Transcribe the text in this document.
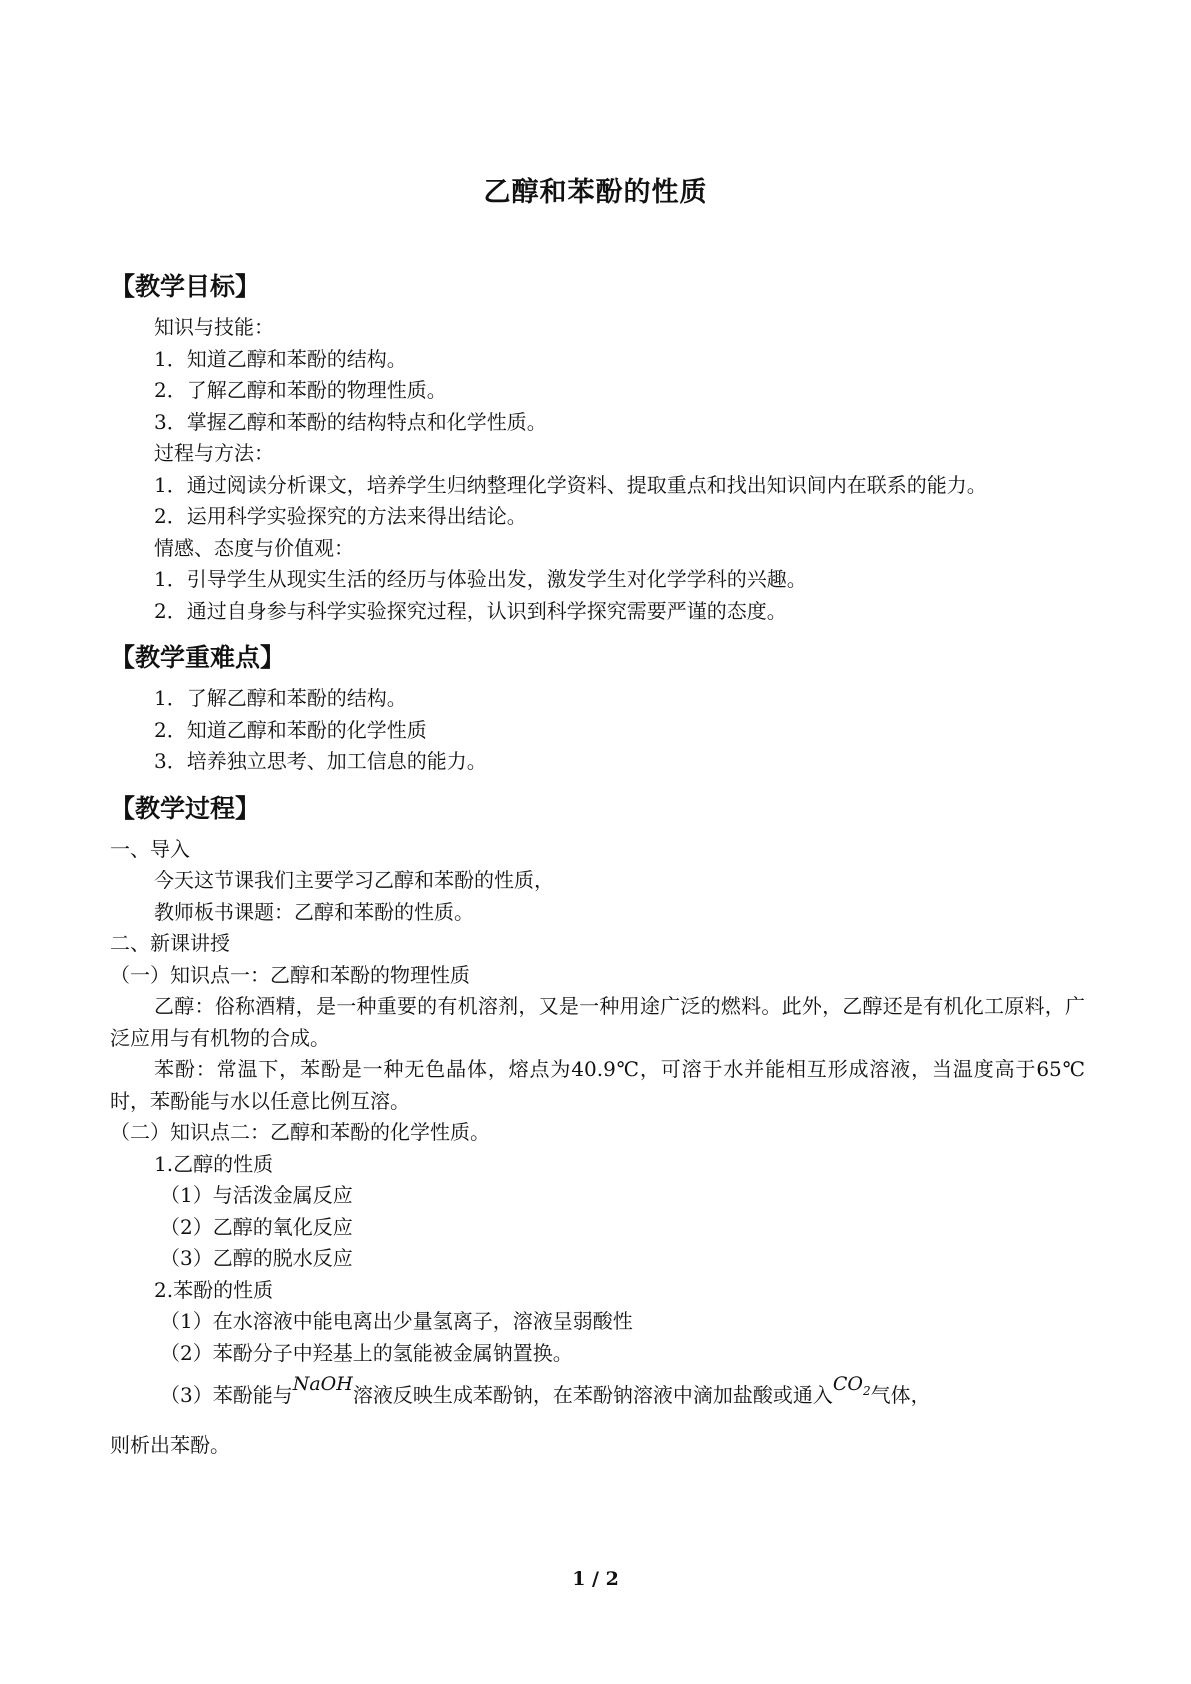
乙醇和苯酚的性质
【教学目标】
知识与技能：
1．知道乙醇和苯酚的结构。
2．了解乙醇和苯酚的物理性质。
3．掌握乙醇和苯酚的结构特点和化学性质。
过程与方法：
1．通过阅读分析课文，培养学生归纳整理化学资料、提取重点和找出知识间内在联系的能力。
2．运用科学实验探究的方法来得出结论。
情感、态度与价值观：
1．引导学生从现实生活的经历与体验出发，激发学生对化学学科的兴趣。
2．通过自身参与科学实验探究过程，认识到科学探究需要严谨的态度。
【教学重难点】
1．了解乙醇和苯酚的结构。
2．知道乙醇和苯酚的化学性质
3．培养独立思考、加工信息的能力。
【教学过程】
一、导入
今天这节课我们主要学习乙醇和苯酚的性质，
教师板书课题：乙醇和苯酚的性质。
二、新课讲授
（一）知识点一：乙醇和苯酚的物理性质
乙醇：俗称酒精，是一种重要的有机溶剂，又是一种用途广泛的燃料。此外，乙醇还是有机化工原料，广泛应用与有机物的合成。
苯酚：常温下，苯酚是一种无色晶体，熔点为40.9℃，可溶于水并能相互形成溶液，当温度高于65℃时，苯酚能与水以任意比例互溶。
（二）知识点二：乙醇和苯酚的化学性质。
1.乙醇的性质
（1）与活泼金属反应
（2）乙醇的氧化反应
（3）乙醇的脱水反应
2.苯酚的性质
（1）在水溶液中能电离出少量氢离子，溶液呈弱酸性
（2）苯酚分子中羟基上的氢能被金属钠置换。
（3）苯酚能与NaOH溶液反映生成苯酚钠，在苯酚钠溶液中滴加盐酸或通入$CO_2$气体，
则析出苯酚。
1 / 2
